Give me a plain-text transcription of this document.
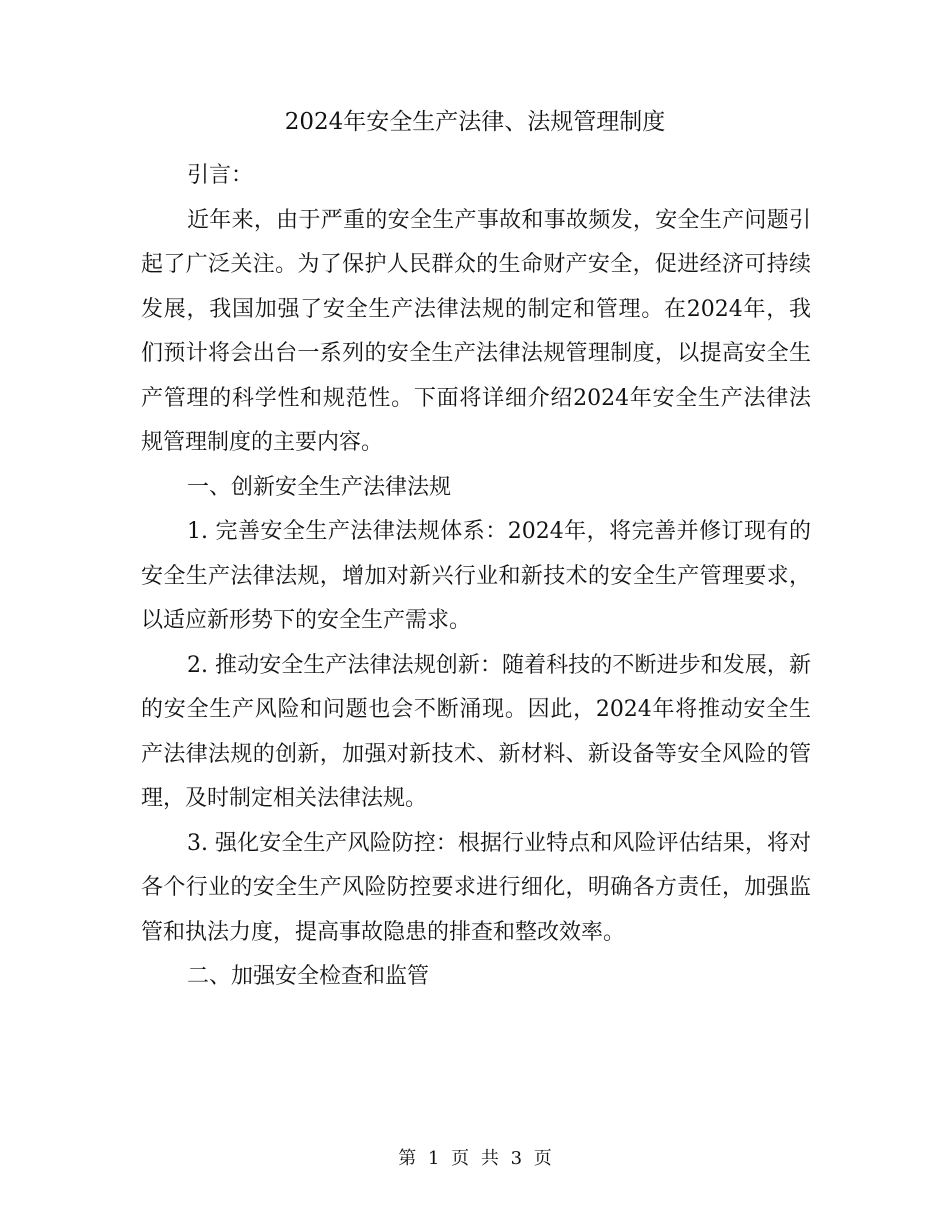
2024年安全生产法律、法规管理制度

引言：

近年来，由于严重的安全生产事故和事故频发，安全生产问题引起了广泛关注。为了保护人民群众的生命财产安全，促进经济可持续发展，我国加强了安全生产法律法规的制定和管理。在2024年，我们预计将会出台一系列的安全生产法律法规管理制度，以提高安全生产管理的科学性和规范性。下面将详细介绍2024年安全生产法律法规管理制度的主要内容。

一、创新安全生产法律法规

1. 完善安全生产法律法规体系：2024年，将完善并修订现有的安全生产法律法规，增加对新兴行业和新技术的安全生产管理要求，以适应新形势下的安全生产需求。

2. 推动安全生产法律法规创新：随着科技的不断进步和发展，新的安全生产风险和问题也会不断涌现。因此，2024年将推动安全生产法律法规的创新，加强对新技术、新材料、新设备等安全风险的管理，及时制定相关法律法规。

3. 强化安全生产风险防控：根据行业特点和风险评估结果，将对各个行业的安全生产风险防控要求进行细化，明确各方责任，加强监管和执法力度，提高事故隐患的排查和整改效率。

二、加强安全检查和监管

第 1 页 共 3 页
